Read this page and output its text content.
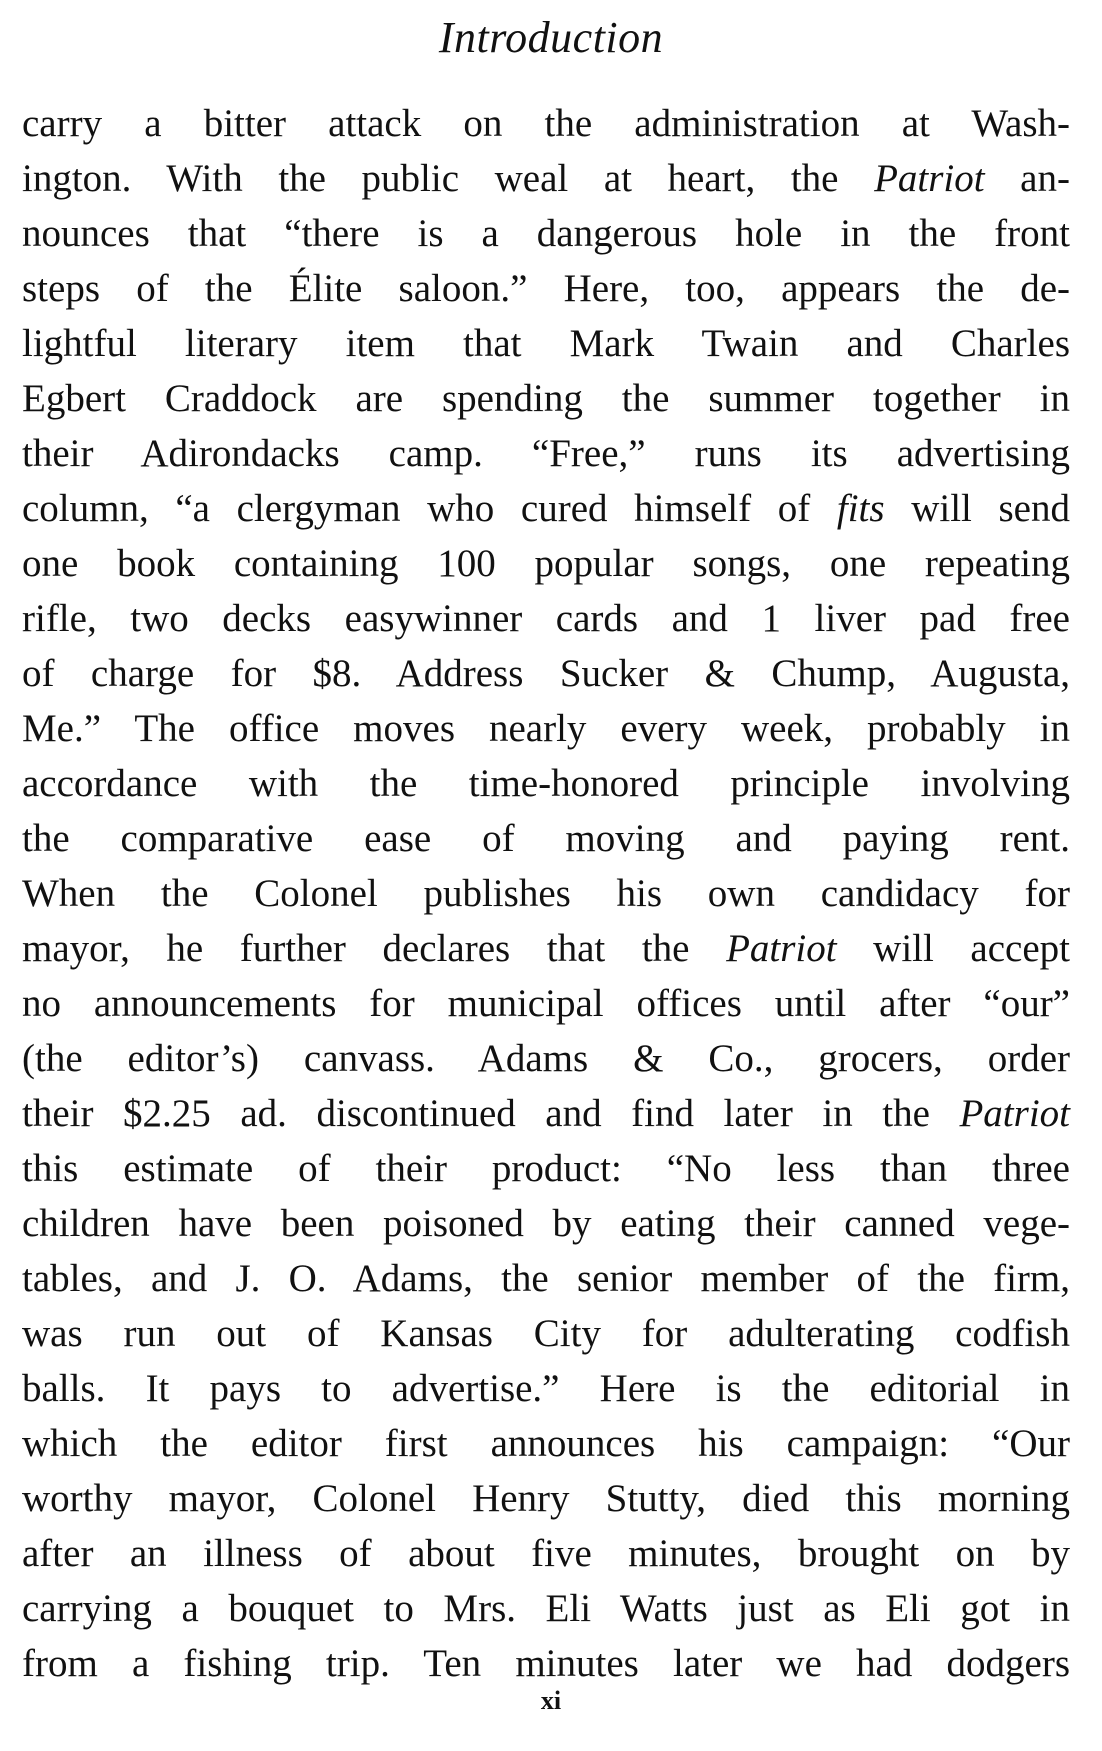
Introduction
carry a bitter attack on the administration at Wash-
ington. With the public weal at heart, the Patriot an-
nounces that “there is a dangerous hole in the front
steps of the Élite saloon.” Here, too, appears the de-
lightful literary item that Mark Twain and Charles
Egbert Craddock are spending the summer together in
their Adirondacks camp. “Free,” runs its advertising
column, “a clergyman who cured himself of fits will send
one book containing 100 popular songs, one repeating
rifle, two decks easywinner cards and 1 liver pad free
of charge for $8. Address Sucker & Chump, Augusta,
Me.” The office moves nearly every week, probably in
accordance with the time-honored principle involving
the comparative ease of moving and paying rent.
When the Colonel publishes his own candidacy for
mayor, he further declares that the Patriot will accept
no announcements for municipal offices until after “our”
(the editor’s) canvass. Adams & Co., grocers, order
their $2.25 ad. discontinued and find later in the Patriot
this estimate of their product: “No less than three
children have been poisoned by eating their canned vege-
tables, and J. O. Adams, the senior member of the firm,
was run out of Kansas City for adulterating codfish
balls. It pays to advertise.” Here is the editorial in
which the editor first announces his campaign: “Our
worthy mayor, Colonel Henry Stutty, died this morning
after an illness of about five minutes, brought on by
carrying a bouquet to Mrs. Eli Watts just as Eli got in
from a fishing trip. Ten minutes later we had dodgers
xi
